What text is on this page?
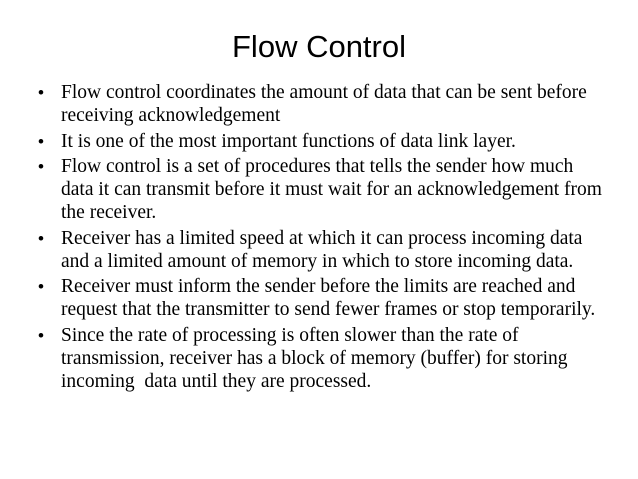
Flow Control
• Flow control coordinates the amount of data that can be sent before receiving acknowledgement
• It is one of the most important functions of data link layer.
• Flow control is a set of procedures that tells the sender how much data it can transmit before it must wait for an acknowledgement from the receiver.
• Receiver has a limited speed at which it can process incoming data and a limited amount of memory in which to store incoming data.
• Receiver must inform the sender before the limits are reached and request that the transmitter to send fewer frames or stop temporarily.
• Since the rate of processing is often slower than the rate of transmission, receiver has a block of memory (buffer) for storing incoming  data until they are processed.
